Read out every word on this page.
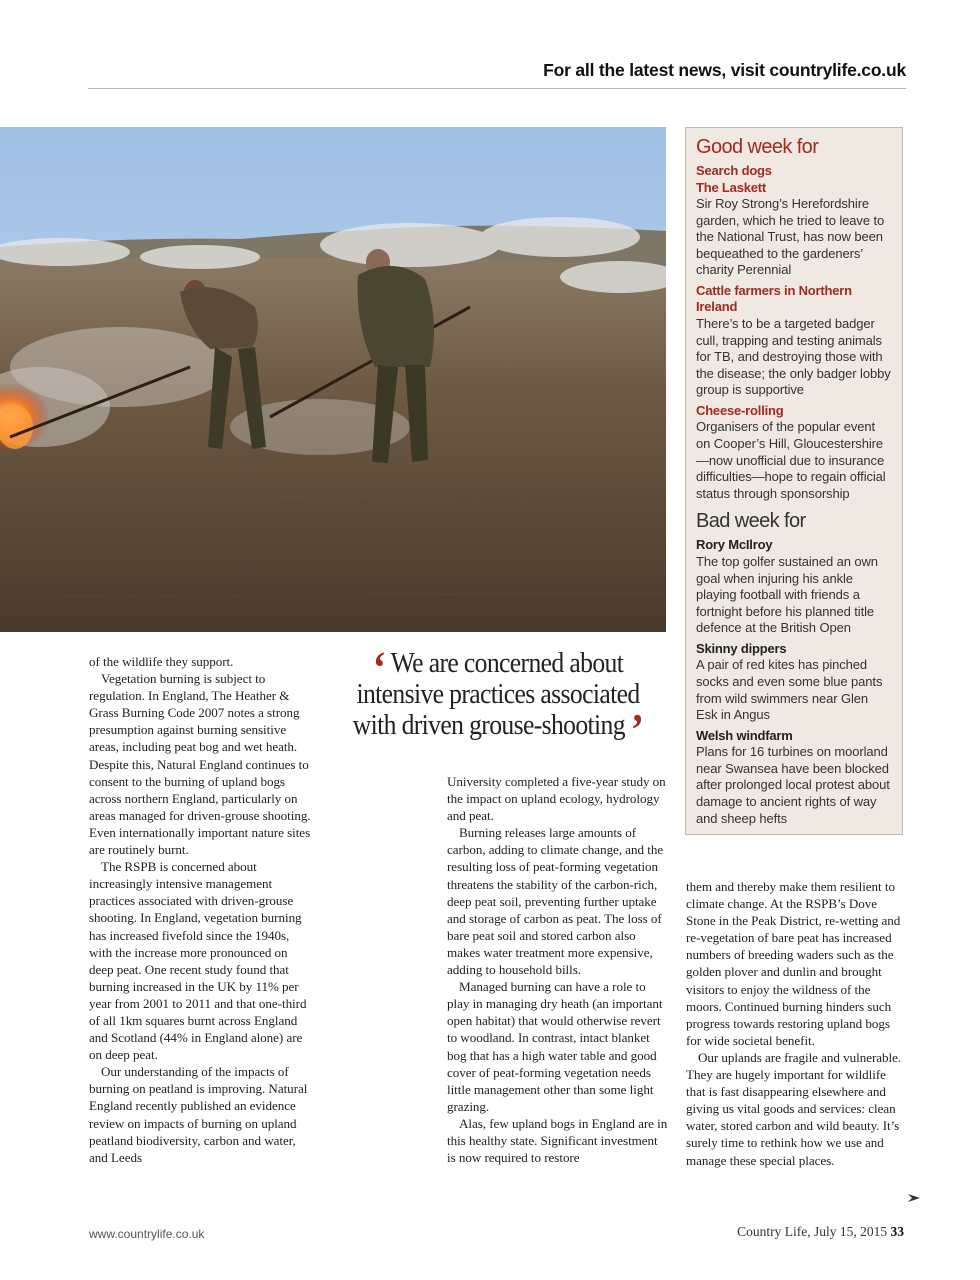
For all the latest news, visit countrylife.co.uk
Good week for
Search dogs
The Laskett
Sir Roy Strong’s Herefordshire garden, which he tried to leave to the National Trust, has now been bequeathed to the gardeners’ charity Perennial
Cattle farmers in Northern Ireland
There’s to be a targeted badger cull, trapping and testing animals for TB, and destroying those with the disease; the only badger lobby group is supportive
Cheese-rolling
Organisers of the popular event on Cooper’s Hill, Gloucestershire —now unofficial due to insurance difficulties—hope to regain official status through sponsorship
Bad week for
Rory McIlroy
The top golfer sustained an own goal when injuring his ankle playing football with friends a fortnight before his planned title defence at the British Open
Skinny dippers
A pair of red kites has pinched socks and even some blue pants from wild swimmers near Glen Esk in Angus
Welsh windfarm
Plans for 16 turbines on moorland near Swansea have been blocked after prolonged local protest about damage to ancient rights of way and sheep hefts
‘ We are concerned about intensive practices associated with driven grouse-shooting ’

of the wildlife they support.

Vegetation burning is subject to regulation. In England, The Heather & Grass Burning Code 2007 notes a strong presumption against burning sensitive areas, including peat bog and wet heath. Despite this, Natural England continues to consent to the burning of upland bogs across northern England, particularly on areas managed for driven-grouse shooting. Even internationally important nature sites are routinely burnt.

The RSPB is concerned about increasingly intensive management practices associated with driven-grouse shooting. In England, vegetation burning has increased fivefold since the 1940s, with the increase more pronounced on deep peat. One recent study found that burning increased in the UK by 11% per year from 2001 to 2011 and that one-third of all 1km squares burnt across England and Scotland (44% in England alone) are on deep peat.

Our understanding of the impacts of burning on peatland is improving. Natural England recently published an evidence review on impacts of burning on upland peatland biodiversity, carbon and water, and Leeds

University completed a five-year study on the impact on upland ecology, hydrology and peat.

Burning releases large amounts of carbon, adding to climate change, and the resulting loss of peat-forming vegetation threatens the stability of the carbon-rich, deep peat soil, preventing further uptake and storage of carbon as peat. The loss of bare peat soil and stored carbon also makes water treatment more expensive, adding to household bills.

Managed burning can have a role to play in managing dry heath (an important open habitat) that would otherwise revert to woodland. In contrast, intact blanket bog that has a high water table and good cover of peat-forming vegetation needs little management other than some light grazing.

Alas, few upland bogs in England are in this healthy state. Significant investment is now required to restore

them and thereby make them resilient to climate change. At the RSPB’s Dove Stone in the Peak District, re-wetting and re-vegetation of bare peat has increased numbers of breeding waders such as the golden plover and dunlin and brought visitors to enjoy the wildness of the moors. Continued burning hinders such progress towards restoring upland bogs for wide societal benefit.

Our uplands are fragile and vulnerable. They are hugely important for wildlife that is fast disappearing elsewhere and giving us vital goods and services: clean water, stored carbon and wild beauty. It’s surely time to rethink how we use and manage these special places.

www.countrylife.co.uk	Country Life, July 15, 2015 33
